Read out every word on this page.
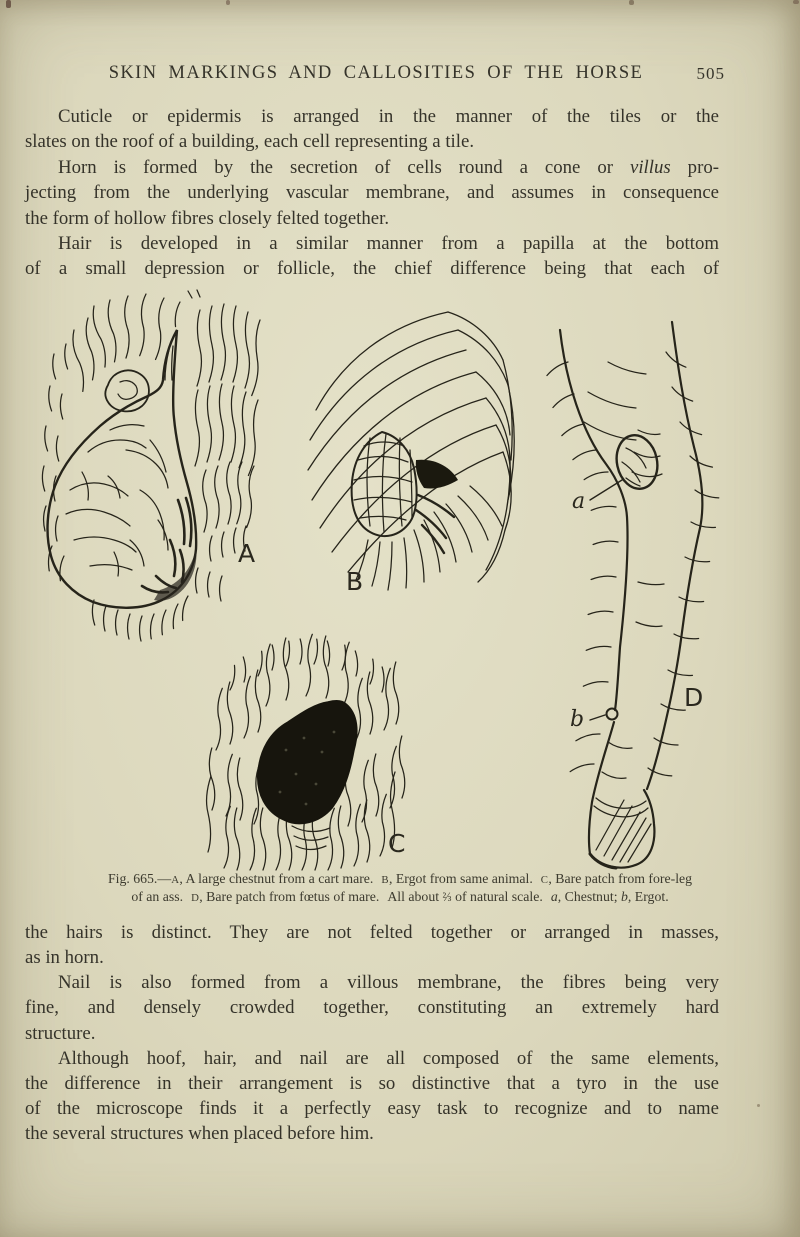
SKIN MARKINGS AND CALLOSITIES OF THE HORSE	505

Cuticle or epidermis is arranged in the manner of the tiles or the

slates on the roof of a building, each cell representing a tile.

Horn is formed by the secretion of cells round a cone or villus pro-

jecting from the underlying vascular membrane, and assumes in consequence

the form of hollow fibres closely felted together.

Hair is developed in a similar manner from a papilla at the bottom

of a small depression or follicle, the chief difference being that each of

A
B
C
a
b
D
Fig. 665.—A, A large chestnut from a cart mare. B, Ergot from same animal. C, Bare patch from fore-leg
of an ass. D, Bare patch from fœtus of mare. All about ⅔ of natural scale. a, Chestnut; b, Ergot.

the hairs is distinct. They are not felted together or arranged in masses,

as in horn.

Nail is also formed from a villous membrane, the fibres being very

fine, and densely crowded together, constituting an extremely hard

structure.

Although hoof, hair, and nail are all composed of the same elements,

the difference in their arrangement is so distinctive that a tyro in the use

of the microscope finds it a perfectly easy task to recognize and to name

the several structures when placed before him.
